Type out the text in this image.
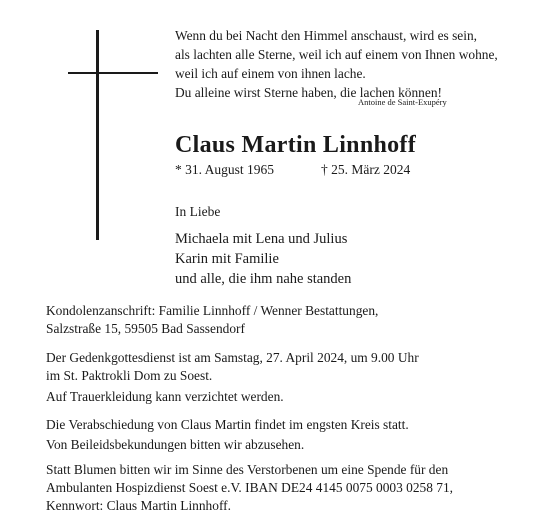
Wenn du bei Nacht den Himmel anschaust, wird es sein,
als lachten alle Sterne, weil ich auf einem von Ihnen wohne,
weil ich auf einem von ihnen lache.
Du alleine wirst Sterne haben, die lachen können!
Antoine de Saint-Exupéry
Claus Martin Linnhoff
* 31. August 1965	† 25. März 2024
In Liebe
Michaela mit Lena und Julius
Karin mit Familie
und alle, die ihm nahe standen
Kondolenzanschrift: Familie Linnhoff / Wenner Bestattungen,
Salzstraße 15, 59505 Bad Sassendorf
Der Gedenkgottesdienst ist am Samstag, 27. April 2024, um 9.00 Uhr
im St. Paktrokli Dom zu Soest.
Auf Trauerkleidung kann verzichtet werden.
Die Verabschiedung von Claus Martin findet im engsten Kreis statt.
Von Beileidsbekundungen bitten wir abzusehen.
Statt Blumen bitten wir im Sinne des Verstorbenen um eine Spende für den
Ambulanten Hospizdienst Soest e.V. IBAN DE24 4145 0075 0003 0258 71,
Kennwort: Claus Martin Linnhoff.
